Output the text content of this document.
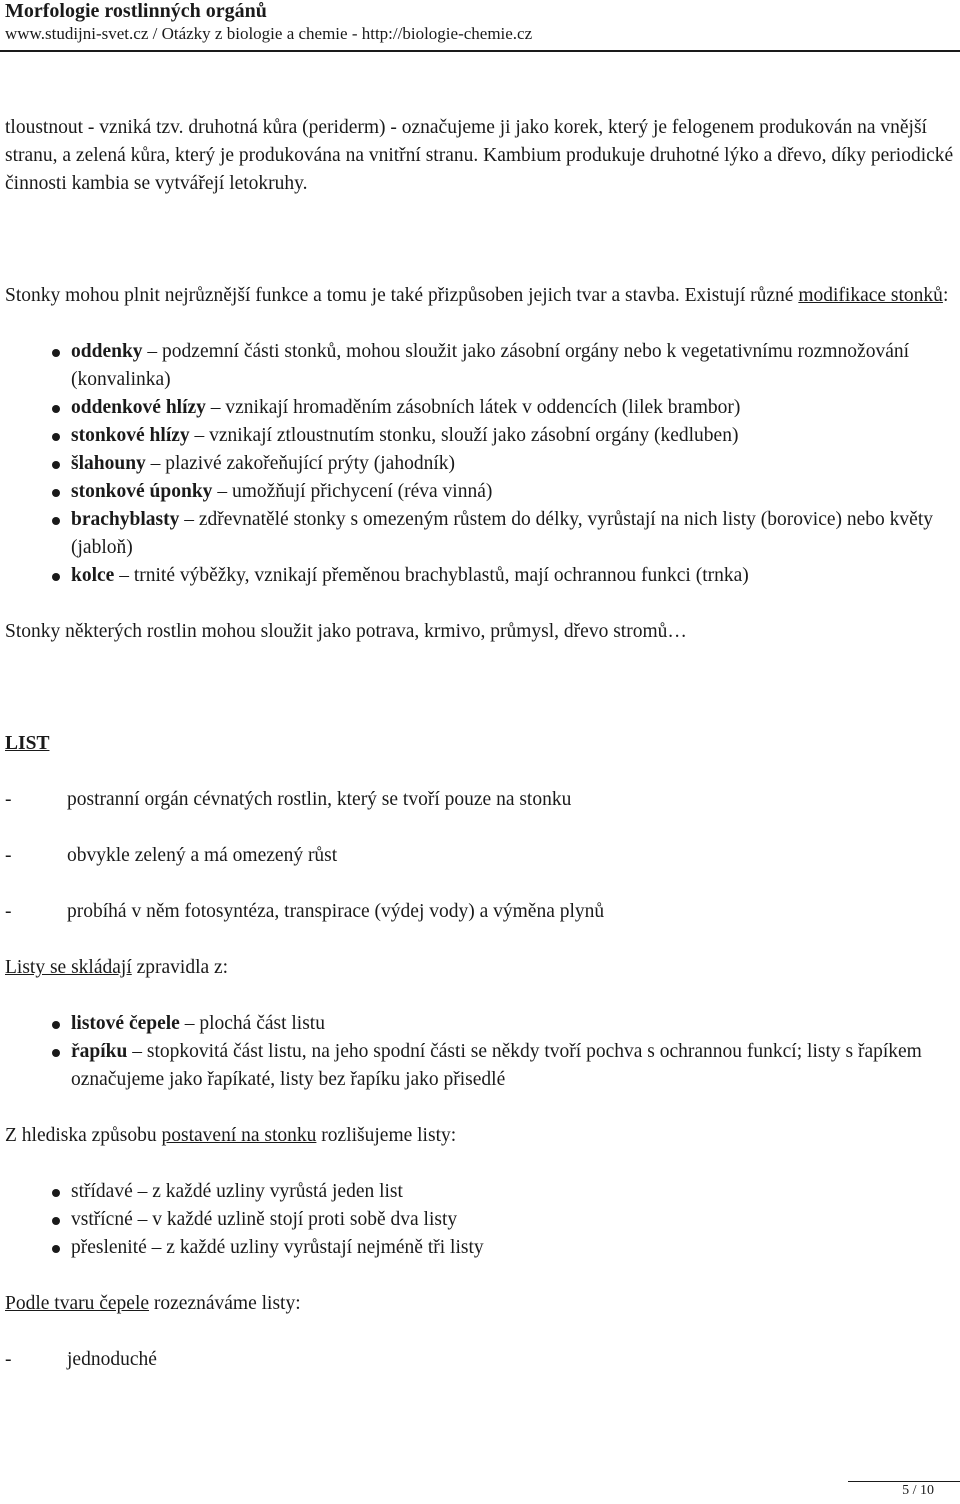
Morfologie rostlinných orgánů

www.studijni-svet.cz / Otázky z biologie a chemie - http://biologie-chemie.cz

tloustnout - vzniká tzv. druhotná kůra (periderm) - označujeme ji jako korek, který je felogenem produkován na vnější stranu, a zelená kůra, který je produkována na vnitřní stranu. Kambium produkuje druhotné lýko a dřevo, díky periodické činnosti kambia se vytvářejí letokruhy.

Stonky mohou plnit nejrůznější funkce a tomu je také přizpůsoben jejich tvar a stavba. Existují různé modifikace stonků:

oddenky – podzemní části stonků, mohou sloužit jako zásobní orgány nebo k vegetativnímu rozmnožování (konvalinka)
oddenkové hlízy – vznikají hromaděním zásobních látek v oddencích (lilek brambor)
stonkové hlízy – vznikají ztloustnutím stonku, slouží jako zásobní orgány (kedluben)
šlahouny – plazivé zakořeňující prýty (jahodník)
stonkové úponky – umožňují přichycení (réva vinná)
brachyblasty – zdřevnatělé stonky s omezeným růstem do délky, vyrůstají na nich listy (borovice) nebo květy (jabloň)
kolce – trnité výběžky, vznikají přeměnou brachyblastů, mají ochrannou funkci (trnka)

Stonky některých rostlin mohou sloužit jako potrava, krmivo, průmysl, dřevo stromů…

LIST

-	postranní orgán cévnatých rostlin, který se tvoří pouze na stonku

-	obvykle zelený a má omezený růst

-	probíhá v něm fotosyntéza, transpirace (výdej vody) a výměna plynů

Listy se skládají zpravidla z:

listové čepele – plochá část listu
řapíku – stopkovitá část listu, na jeho spodní části se někdy tvoří pochva s ochrannou funkcí; listy s řapíkem označujeme jako řapíkaté, listy bez řapíku jako přisedlé

Z hlediska způsobu postavení na stonku rozlišujeme listy:

střídavé – z každé uzliny vyrůstá jeden list
vstřícné – v každé uzlině stojí proti sobě dva listy
přeslenité – z každé uzliny vyrůstají nejméně tři listy

Podle tvaru čepele rozeznáváme listy:

-	jednoduché

5 / 10
